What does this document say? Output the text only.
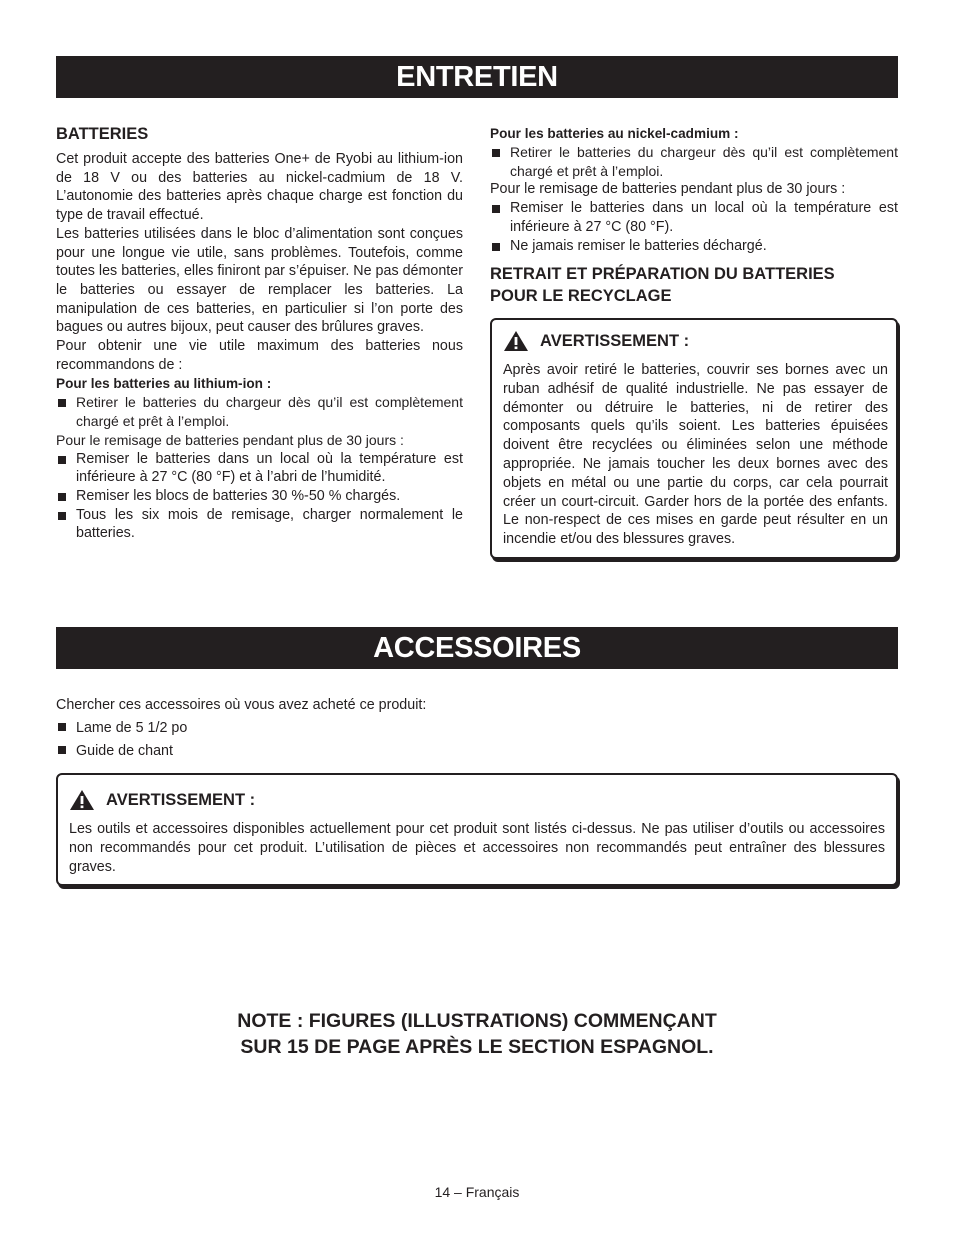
ENTRETIEN

BATTERIES

Cet produit accepte des batteries One+ de Ryobi au lithium-ion de 18 V ou des batteries au nickel-cadmium de 18 V. L’autonomie des batteries après chaque charge est fonction du type de travail effectué.

Les batteries utilisées dans le bloc d’alimentation sont conçues pour une longue vie utile, sans problèmes. Toutefois, comme toutes les batteries, elles finiront par s’épuiser. Ne pas démonter le batteries ou essayer de remplacer les batteries. La manipulation de ces batteries, en particulier si l’on porte des bagues ou autres bijoux, peut causer des brûlures graves.

Pour obtenir une vie utile maximum des batteries nous recommandons de :

Pour les batteries au lithium-ion :

Retirer le batteries du chargeur dès qu’il est complètement chargé et prêt à l’emploi.

Pour le remisage de batteries pendant plus de 30 jours :

Remiser le batteries dans un local où la température est inférieure à 27 °C (80 °F) et à l’abri de l’humidité.
Remiser les blocs de batteries 30 %-50 % chargés.
Tous les six mois de remisage, charger normalement le batteries.

Pour les batteries au nickel-cadmium :

Retirer le batteries du chargeur dès qu’il est complètement chargé et prêt à l’emploi.

Pour le remisage de batteries pendant plus de 30 jours :

Remiser le batteries dans un local où la température est inférieure à 27 °C (80 °F).
Ne jamais remiser le batteries déchargé.

RETRAIT ET PRÉPARATION DU BATTERIES
POUR LE RECYCLAGE

AVERTISSEMENT :

Après avoir retiré le batteries, couvrir ses bornes avec un ruban adhésif de qualité industrielle. Ne pas essayer de démonter ou détruire le batteries, ni de retirer des composants quels qu’ils soient. Les batteries épuisées doivent être recyclées ou éliminées selon une méthode appropriée. Ne jamais toucher les deux bornes avec des objets en métal ou une partie du corps, car cela pourrait créer un court-circuit. Garder hors de la portée des enfants. Le non-respect de ces mises en garde peut résulter en un incendie et/ou des blessures graves.

ACCESSOIRES

Chercher ces accessoires où vous avez acheté ce produit:

Lame de 5 1/2 po
Guide de chant
AVERTISSEMENT :

Les outils et accessoires disponibles actuellement pour cet produit sont listés ci-dessus. Ne pas utiliser d’outils ou accessoires non recommandés pour cet produit. L’utilisation de pièces et accessoires non recommandés peut entraîner des blessures graves.

NOTE : FIGURES (ILLUSTRATIONS) COMMENÇANT
SUR 15 DE PAGE APRÈS LE SECTION ESPAGNOL.
14 – Français
